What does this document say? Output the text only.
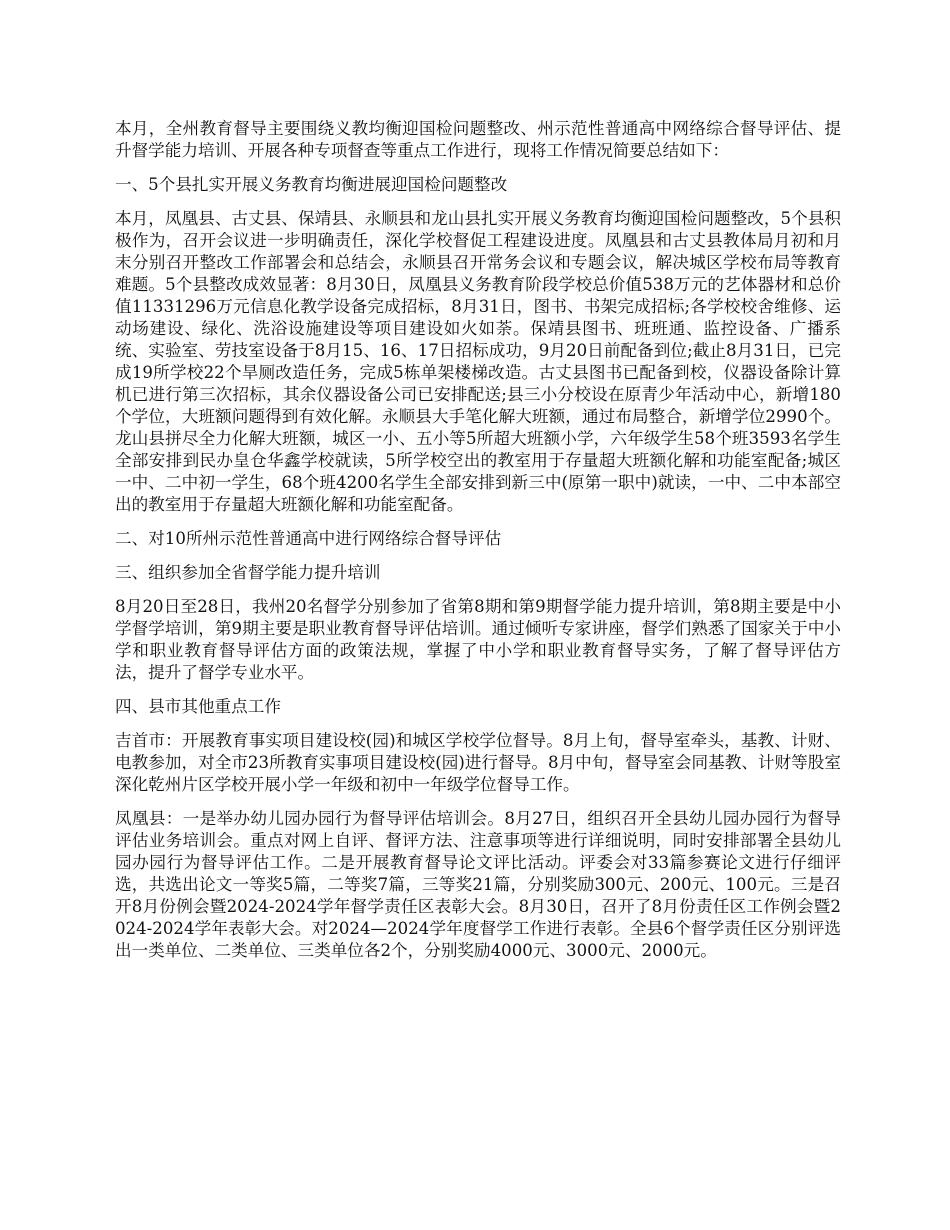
本月，全州教育督导主要围绕义教均衡迎国检问题整改、州示范性普通高中网络综合督导评估、提升督学能力培训、开展各种专项督查等重点工作进行，现将工作情况简要总结如下：

一、5个县扎实开展义务教育均衡进展迎国检问题整改

本月，凤凰县、古丈县、保靖县、永顺县和龙山县扎实开展义务教育均衡迎国检问题整改，5个县积极作为，召开会议进一步明确责任，深化学校督促工程建设进度。凤凰县和古丈县教体局月初和月末分别召开整改工作部署会和总结会，永顺县召开常务会议和专题会议，解决城区学校布局等教育难题。5个县整改成效显著：8月30日，凤凰县义务教育阶段学校总价值538万元的艺体器材和总价值11331296万元信息化教学设备完成招标，8月31日，图书、书架完成招标;各学校校舍维修、运动场建设、绿化、洗浴设施建设等项目建设如火如荼。保靖县图书、班班通、监控设备、广播系统、实验室、劳技室设备于8月15、16、17日招标成功，9月20日前配备到位;截止8月31日，已完成19所学校22个旱厕改造任务，完成5栋单架楼梯改造。古丈县图书已配备到校，仪器设备除计算机已进行第三次招标，其余仪器设备公司已安排配送;县三小分校设在原青少年活动中心，新增180个学位，大班额问题得到有效化解。永顺县大手笔化解大班额，通过布局整合，新增学位2990个。龙山县拼尽全力化解大班额，城区一小、五小等5所超大班额小学，六年级学生58个班3593名学生全部安排到民办皇仓华鑫学校就读，5所学校空出的教室用于存量超大班额化解和功能室配备;城区一中、二中初一学生，68个班4200名学生全部安排到新三中(原第一职中)就读，一中、二中本部空出的教室用于存量超大班额化解和功能室配备。

二、对10所州示范性普通高中进行网络综合督导评估

三、组织参加全省督学能力提升培训

8月20日至28日，我州20名督学分别参加了省第8期和第9期督学能力提升培训，第8期主要是中小学督学培训，第9期主要是职业教育督导评估培训。通过倾听专家讲座，督学们熟悉了国家关于中小学和职业教育督导评估方面的政策法规，掌握了中小学和职业教育督导实务，了解了督导评估方法，提升了督学专业水平。

四、县市其他重点工作

吉首市：开展教育事实项目建设校(园)和城区学校学位督导。8月上旬，督导室牵头，基教、计财、电教参加，对全市23所教育实事项目建设校(园)进行督导。8月中旬，督导室会同基教、计财等股室深化乾州片区学校开展小学一年级和初中一年级学位督导工作。

凤凰县：一是举办幼儿园办园行为督导评估培训会。8月27日，组织召开全县幼儿园办园行为督导评估业务培训会。重点对网上自评、督评方法、注意事项等进行详细说明，同时安排部署全县幼儿园办园行为督导评估工作。二是开展教育督导论文评比活动。评委会对33篇参赛论文进行仔细评选，共选出论文一等奖5篇，二等奖7篇，三等奖21篇，分别奖励300元、200元、100元。三是召开8月份例会暨2024-2024学年督学责任区表彰大会。8月30日，召开了8月份责任区工作例会暨2024-2024学年表彰大会。对2024—2024学年度督学工作进行表彰。全县6个督学责任区分别评选出一类单位、二类单位、三类单位各2个，分别奖励4000元、3000元、2000元。
